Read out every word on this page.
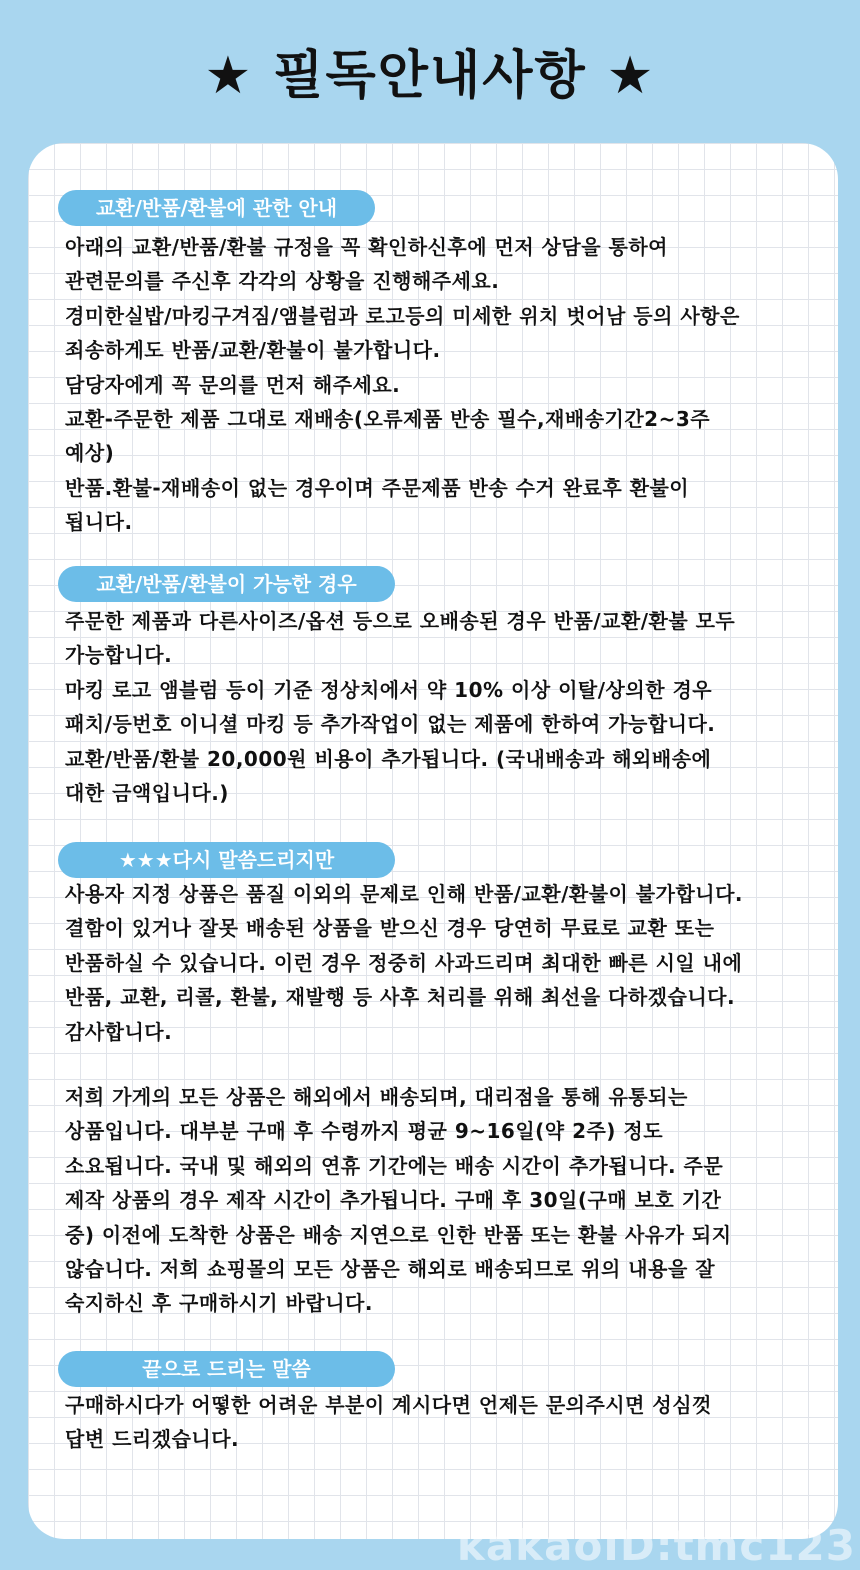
★ 필독안내사항 ★
교환/반품/환불에 관한 안내

아래의 교환/반품/환불 규정을 꼭 확인하신후에 먼저 상담을 통하여
관련문의를 주신후 각각의 상황을 진행해주세요.
경미한실밥/마킹구겨짐/앰블럼과 로고등의 미세한 위치 벗어남 등의 사항은
죄송하게도 반품/교환/환불이 불가합니다.
담당자에게 꼭 문의를 먼저 해주세요.
교환-주문한 제품 그대로 재배송(오류제품 반송 필수,재배송기간2~3주
예상)
반품.환불-재배송이 없는 경우이며 주문제품 반송 수거 완료후 환불이
됩니다.

교환/반품/환불이 가능한 경우

주문한 제품과 다른사이즈/옵션 등으로 오배송된 경우 반품/교환/환불 모두
가능합니다.
마킹 로고 앰블럼 등이 기준 정상치에서 약 10% 이상 이탈/상의한 경우
패치/등번호 이니셜 마킹 등 추가작업이 없는 제품에 한하여 가능합니다.
교환/반품/환불 20,000원 비용이 추가됩니다. (국내배송과 해외배송에
대한 금액입니다.)

★★★다시 말씀드리지만

사용자 지정 상품은 품질 이외의 문제로 인해 반품/교환/환불이 불가합니다.
결함이 있거나 잘못 배송된 상품을 받으신 경우 당연히 무료로 교환 또는
반품하실 수 있습니다. 이런 경우 정중히 사과드리며 최대한 빠른 시일 내에
반품, 교환, 리콜, 환불, 재발행 등 사후 처리를 위해 최선을 다하겠습니다.
감사합니다.

저희 가게의 모든 상품은 해외에서 배송되며, 대리점을 통해 유통되는
상품입니다. 대부분 구매 후 수령까지 평균 9~16일(약 2주) 정도
소요됩니다. 국내 및 해외의 연휴 기간에는 배송 시간이 추가됩니다. 주문
제작 상품의 경우 제작 시간이 추가됩니다. 구매 후 30일(구매 보호 기간
중) 이전에 도착한 상품은 배송 지연으로 인한 반품 또는 환불 사유가 되지
않습니다. 저희 쇼핑몰의 모든 상품은 해외로 배송되므로 위의 내용을 잘
숙지하신 후 구매하시기 바랍니다.

끝으로 드리는 말씀

구매하시다가 어떻한 어려운 부분이 계시다면 언제든 문의주시면 성심껏
답변 드리겠습니다.

kakaoID:tmc123
